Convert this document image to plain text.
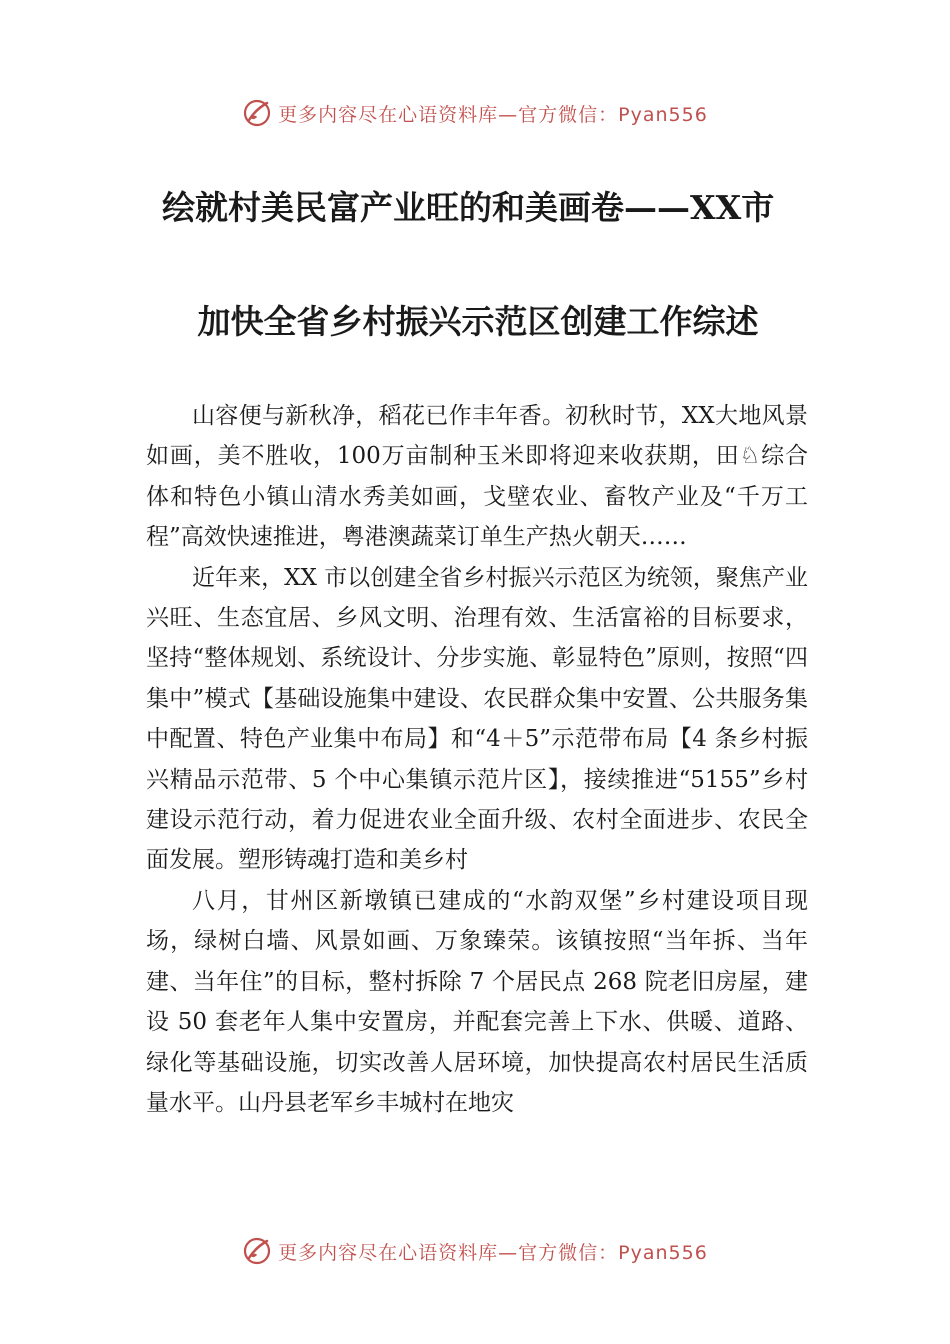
更多内容尽在心语资料库—官方微信：Pyan556
绘就村美民富产业旺的和美画卷——XX市
加快全省乡村振兴示范区创建工作综述

山容便与新秋净，稻花已作丰年香。初秋时节，XX大地风景如画，美不胜收，100万亩制种玉米即将迎来收获期，田♘综合体和特色小镇山清水秀美如画，戈壁农业、畜牧产业及“千万工程”高效快速推进，粤港澳蔬菜订单生产热火朝天……

近年来，XX 市以创建全省乡村振兴示范区为统领，聚焦产业兴旺、生态宜居、乡风文明、治理有效、生活富裕的目标要求，坚持“整体规划、系统设计、分步实施、彰显特色”原则，按照“四集中”模式【基础设施集中建设、农民群众集中安置、公共服务集中配置、特色产业集中布局】和“4＋5”示范带布局【4 条乡村振兴精品示范带、5 个中心集镇示范片区】，接续推进“5155”乡村建设示范行动，着力促进农业全面升级、农村全面进步、农民全面发展。塑形铸魂打造和美乡村

八月，甘州区新墩镇已建成的“水韵双堡”乡村建设项目现场，绿树白墙、风景如画、万象臻荣。该镇按照“当年拆、当年建、当年住”的目标，整村拆除 7 个居民点 268 院老旧房屋，建设 50 套老年人集中安置房，并配套完善上下水、供暖、道路、绿化等基础设施，切实改善人居环境，加快提高农村居民生活质量水平。山丹县老军乡丰城村在地灾

更多内容尽在心语资料库—官方微信：Pyan556
